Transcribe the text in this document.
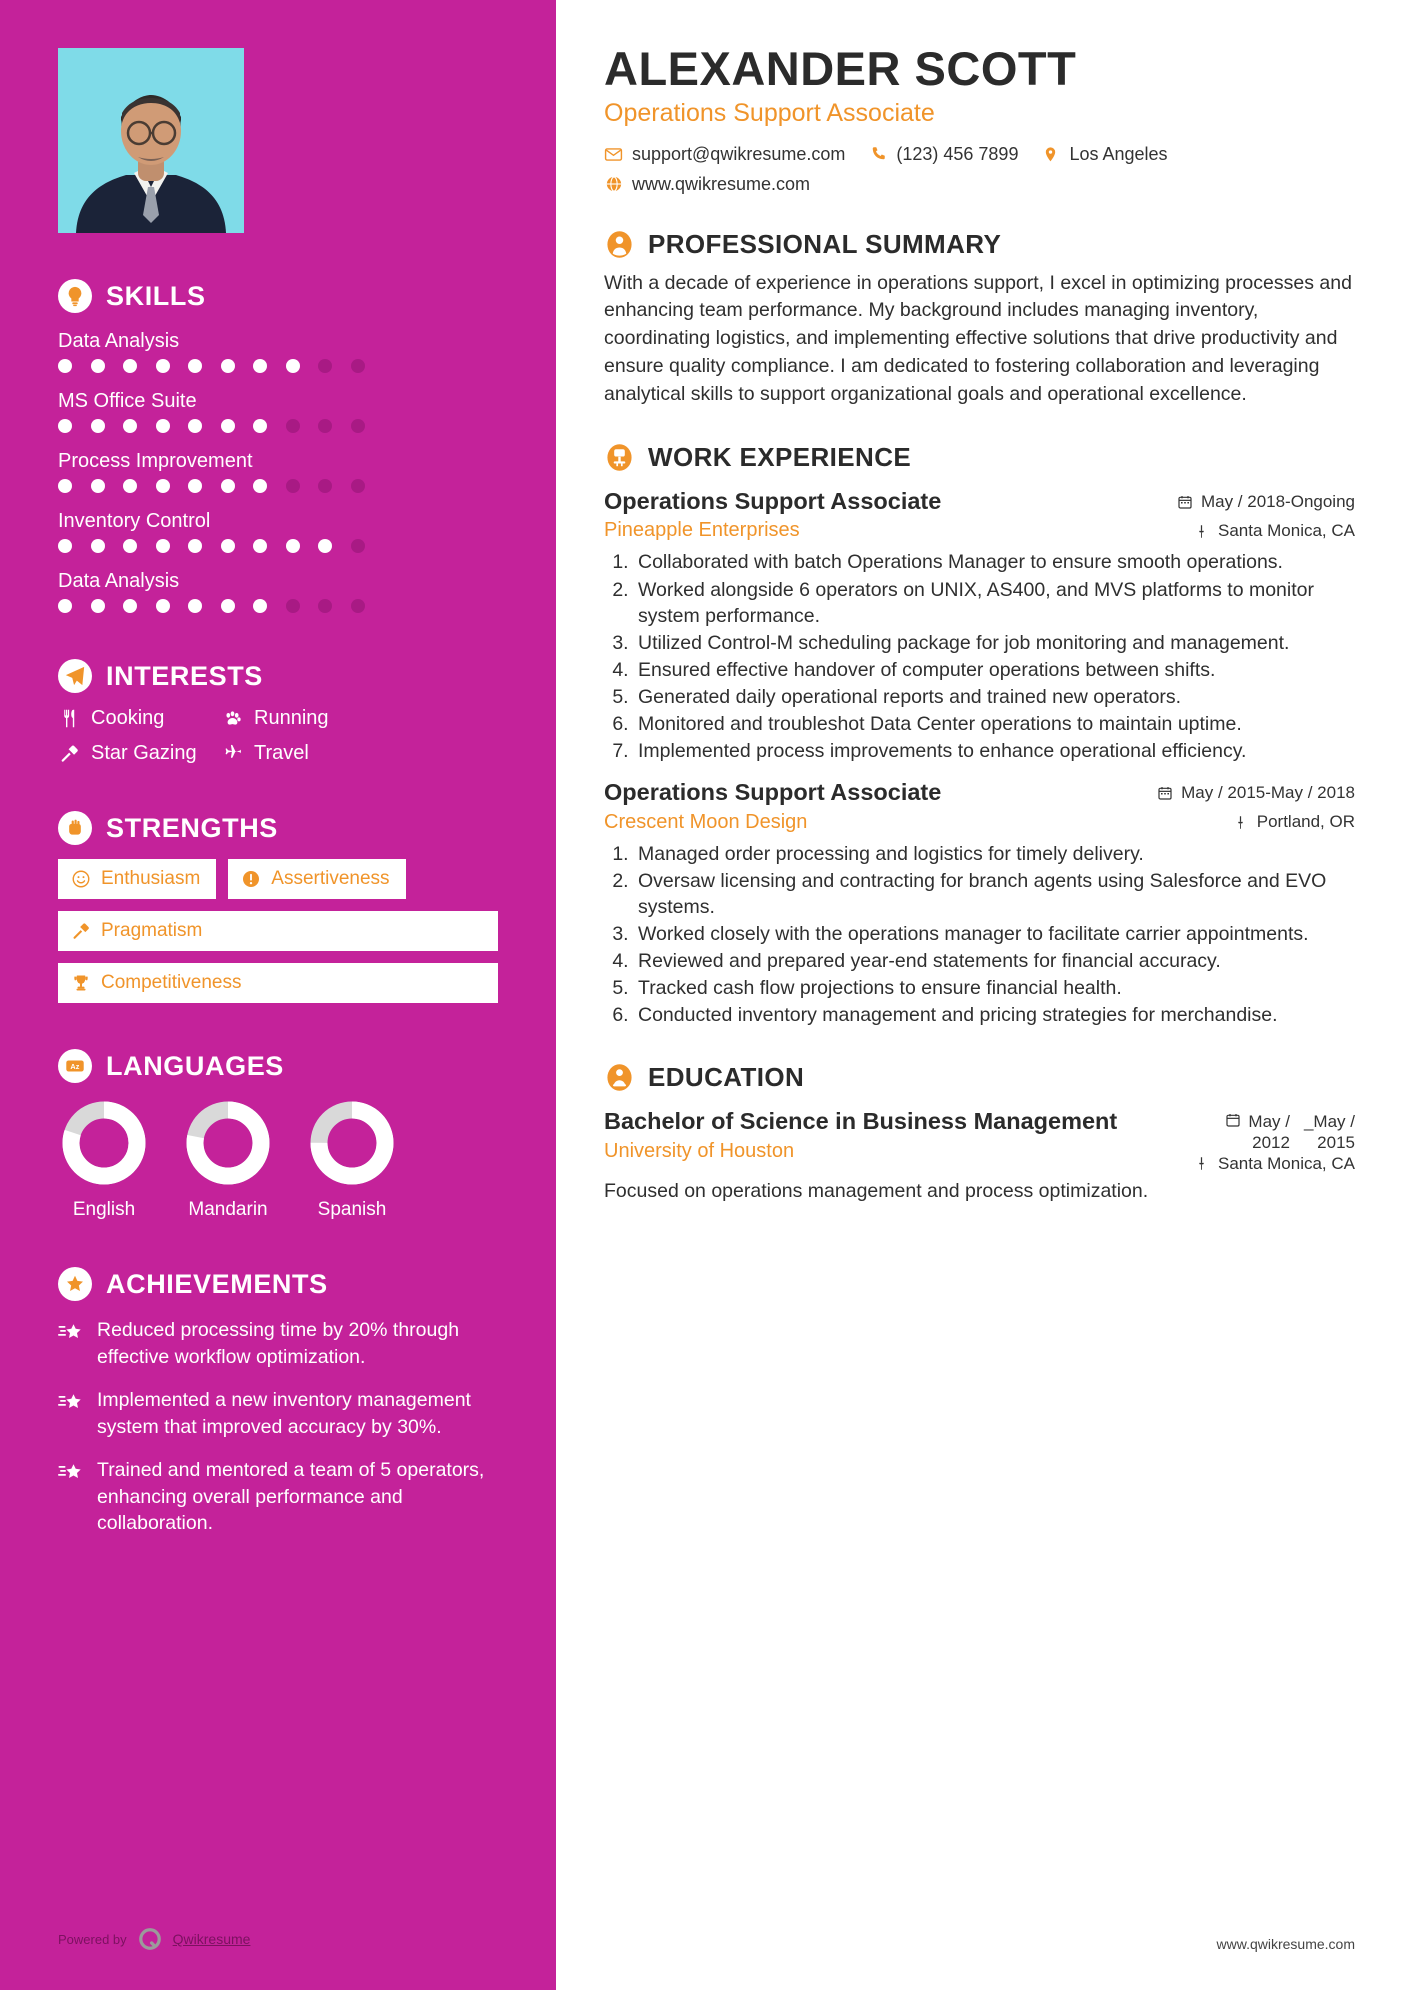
SKILLS
Data Analysis
MS Office Suite
Process Improvement
Inventory Control
Data Analysis
INTERESTS
Cooking	Running
Star Gazing	Travel
STRENGTHS
Enthusiasm	Assertiveness
Pragmatism
Competitiveness
A z LANGUAGES
English	Mandarin	Spanish
ACHIEVEMENTS
Reduced processing time by 20% through effective workflow optimization.
Implemented a new inventory management system that improved accuracy by 30%.
Trained and mentored a team of 5 operators, enhancing overall performance and collaboration.
Powered by	Qwikresume
ALEXANDER SCOTT
Operations Support Associate
support@qwikresume.com	(123) 456 7899	Los Angeles
www.qwikresume.com
PROFESSIONAL SUMMARY

With a decade of experience in operations support, I excel in optimizing processes and enhancing team performance. My background includes managing inventory, coordinating logistics, and implementing effective solutions that drive productivity and ensure quality compliance. I am dedicated to fostering collaboration and leveraging analytical skills to support organizational goals and operational excellence.

WORK EXPERIENCE
Operations Support Associate
Pineapple Enterprises
May / 2018-Ongoing
Santa Monica, CA
1. Collaborated with batch Operations Manager to ensure smooth operations.
2. Worked alongside 6 operators on UNIX, AS400, and MVS platforms to monitor system performance.
3. Utilized Control-M scheduling package for job monitoring and management.
4. Ensured effective handover of computer operations between shifts.
5. Generated daily operational reports and trained new operators.
6. Monitored and troubleshot Data Center operations to maintain uptime.
7. Implemented process improvements to enhance operational efficiency.
Operations Support Associate
Crescent Moon Design
May / 2015-May / 2018
Portland, OR
1. Managed order processing and logistics for timely delivery.
2. Oversaw licensing and contracting for branch agents using Salesforce and EVO systems.
3. Worked closely with the operations manager to facilitate carrier appointments.
4. Reviewed and prepared year-end statements for financial accuracy.
5. Tracked cash flow projections to ensure financial health.
6. Conducted inventory management and pricing strategies for merchandise.
EDUCATION
Bachelor of Science in Business Management
University of Houston
May /
2012
_May /
2015
Santa Monica, CA
Focused on operations management and process optimization.
www.qwikresume.com
